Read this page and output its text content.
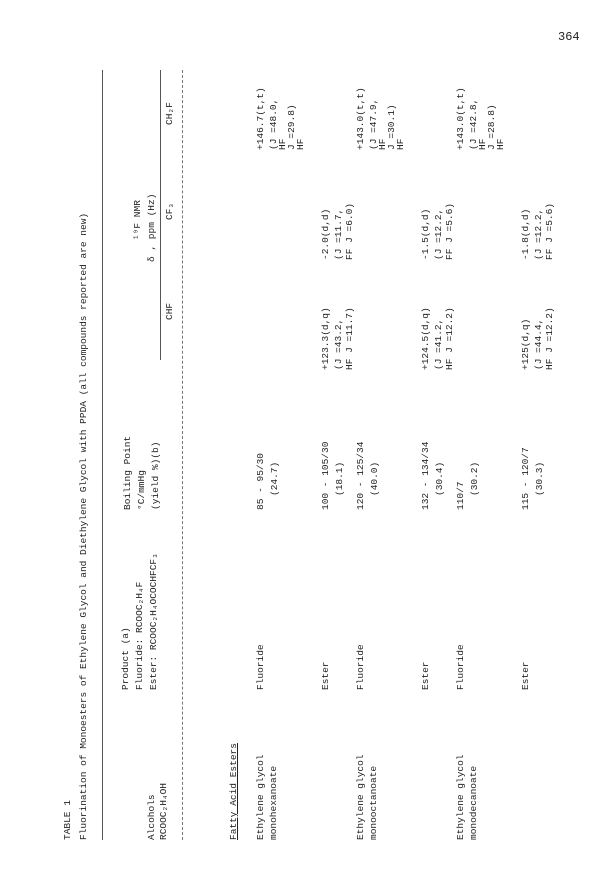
364
TABLE 1 Fluorination of Monoesters of Ethylene Glycol and Diethylene Glycol with PPDA (all compounds reported are new)	Alcohols RCOOC₂H₄OH
Product (a) Fluoride: RCOOC₂H₄F Ester: RCOOC₂H₄OCOCHFCF₃
Boiling Point °C/mmHg (yield %)(b)
¹⁹F NMR δ , ppm (Hz)
CHF
CF₃
CH₂F
Fatty Acid Esters Ethylene glycol monohexanoate
Fluoride
85 - 95/30 (24.7)
+146.7(t,t) (J =48.0,
HF
J =29.8)
HF
Ester
100 - 105/30 (18.1)
+123.3(d,q) (J =43.2, HF J =11.7)
-2.0(d,d) (J =11.7, FF J =6.0)
Ethylene glycol monooctanoate
Fluoride
120 - 125/34 (40.0)
+143.0(t,t) (J =47.9,
HF
J =30.1)
HF
Ester
132 - 134/34 (30.4)
+124.5(d,q) (J =41.2, HF J =12.2)
-1.5(d,d) (J =12.2, FF J =5.6)
Ethylene glycol monodecanoate
Fluoride
110/7 (30.2)
+143.0(t,t) (J =42.8,
HF
J =28.8)
HF
Ester
115 - 120/7 (30.3)
+125(d,q) (J =44.4, HF J =12.2)
-1.8(d,d) (J =12.2, FF J =5.6)
